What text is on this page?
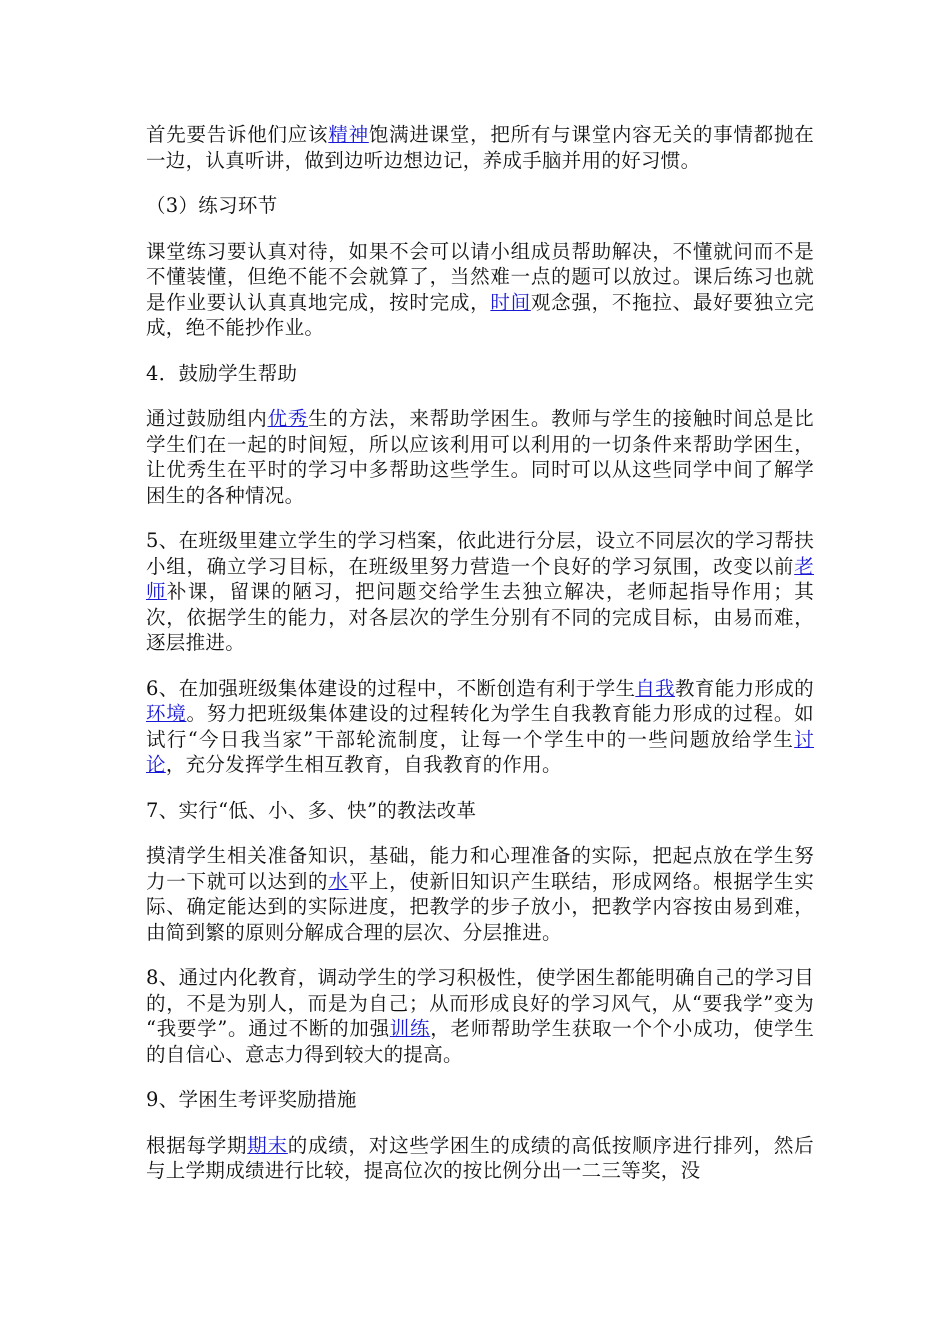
首先要告诉他们应该精神饱满进课堂，把所有与课堂内容无关的事情都抛在一边，认真听讲，做到边听边想边记，养成手脑并用的好习惯。

（3）练习环节

课堂练习要认真对待，如果不会可以请小组成员帮助解决，不懂就问而不是不懂装懂，但绝不能不会就算了，当然难一点的题可以放过。课后练习也就是作业要认认真真地完成，按时完成，时间观念强，不拖拉、最好要独立完成，绝不能抄作业。

4．鼓励学生帮助

通过鼓励组内优秀生的方法，来帮助学困生。教师与学生的接触时间总是比学生们在一起的时间短，所以应该利用可以利用的一切条件来帮助学困生，让优秀生在平时的学习中多帮助这些学生。同时可以从这些同学中间了解学困生的各种情况。

5、在班级里建立学生的学习档案，依此进行分层，设立不同层次的学习帮扶小组，确立学习目标，在班级里努力营造一个良好的学习氛围，改变以前老师补课，留课的陋习，把问题交给学生去独立解决，老师起指导作用；其次，依据学生的能力，对各层次的学生分别有不同的完成目标，由易而难，逐层推进。

6、在加强班级集体建设的过程中，不断创造有利于学生自我教育能力形成的环境。努力把班级集体建设的过程转化为学生自我教育能力形成的过程。如试行“今日我当家”干部轮流制度，让每一个学生中的一些问题放给学生讨论，充分发挥学生相互教育，自我教育的作用。

7、实行“低、小、多、快”的教法改革

摸清学生相关准备知识，基础，能力和心理准备的实际，把起点放在学生努力一下就可以达到的水平上，使新旧知识产生联结，形成网络。根据学生实际、确定能达到的实际进度，把教学的步子放小，把教学内容按由易到难，由简到繁的原则分解成合理的层次、分层推进。

8、通过内化教育，调动学生的学习积极性，使学困生都能明确自己的学习目的，不是为别人，而是为自己；从而形成良好的学习风气，从“要我学”变为 “我要学”。通过不断的加强训练，老师帮助学生获取一个个小成功，使学生的自信心、意志力得到较大的提高。

9、学困生考评奖励措施

根据每学期期末的成绩，对这些学困生的成绩的高低按顺序进行排列，然后与上学期成绩进行比较，提高位次的按比例分出一二三等奖，没
